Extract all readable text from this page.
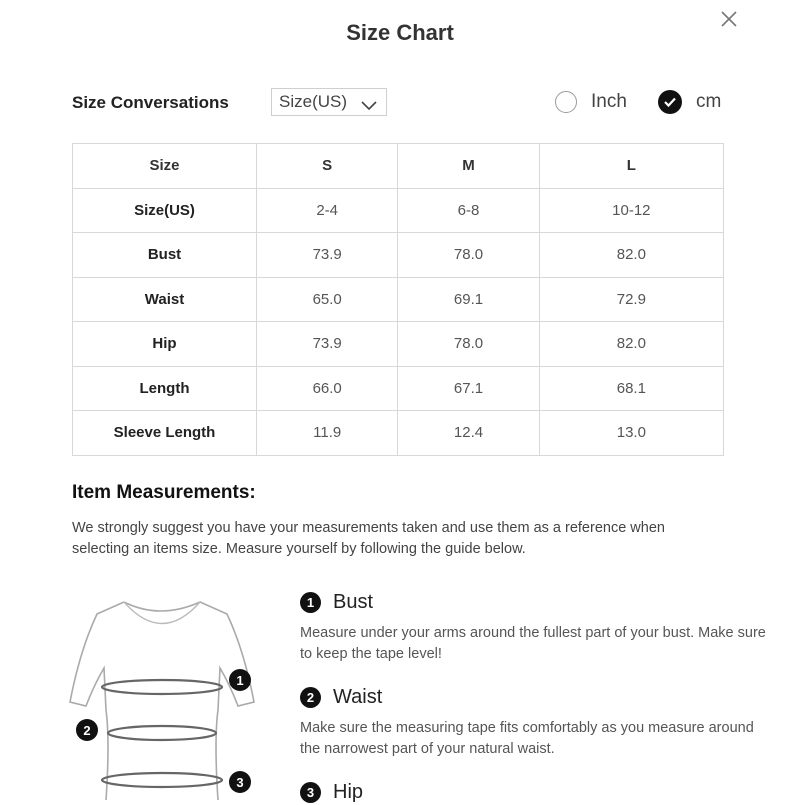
Size Chart
Size Conversations	Size(US)	Inch	cm
Size	S	M	L
Size(US)	2-4	6-8	10-12
Bust	73.9	78.0	82.0
Waist	65.0	69.1	72.9
Hip	73.9	78.0	82.0
Length	66.0	67.1	68.1
Sleeve Length	11.9	12.4	13.0
Item Measurements:
We strongly suggest you have your measurements taken and use them as a reference when selecting an items size. Measure yourself by following the guide below.
1
2
3
1 Bust
Measure under your arms around the fullest part of your bust. Make sure to keep the tape level!
2 Waist
Make sure the measuring tape fits comfortably as you measure around the narrowest part of your natural waist.
3 Hip
